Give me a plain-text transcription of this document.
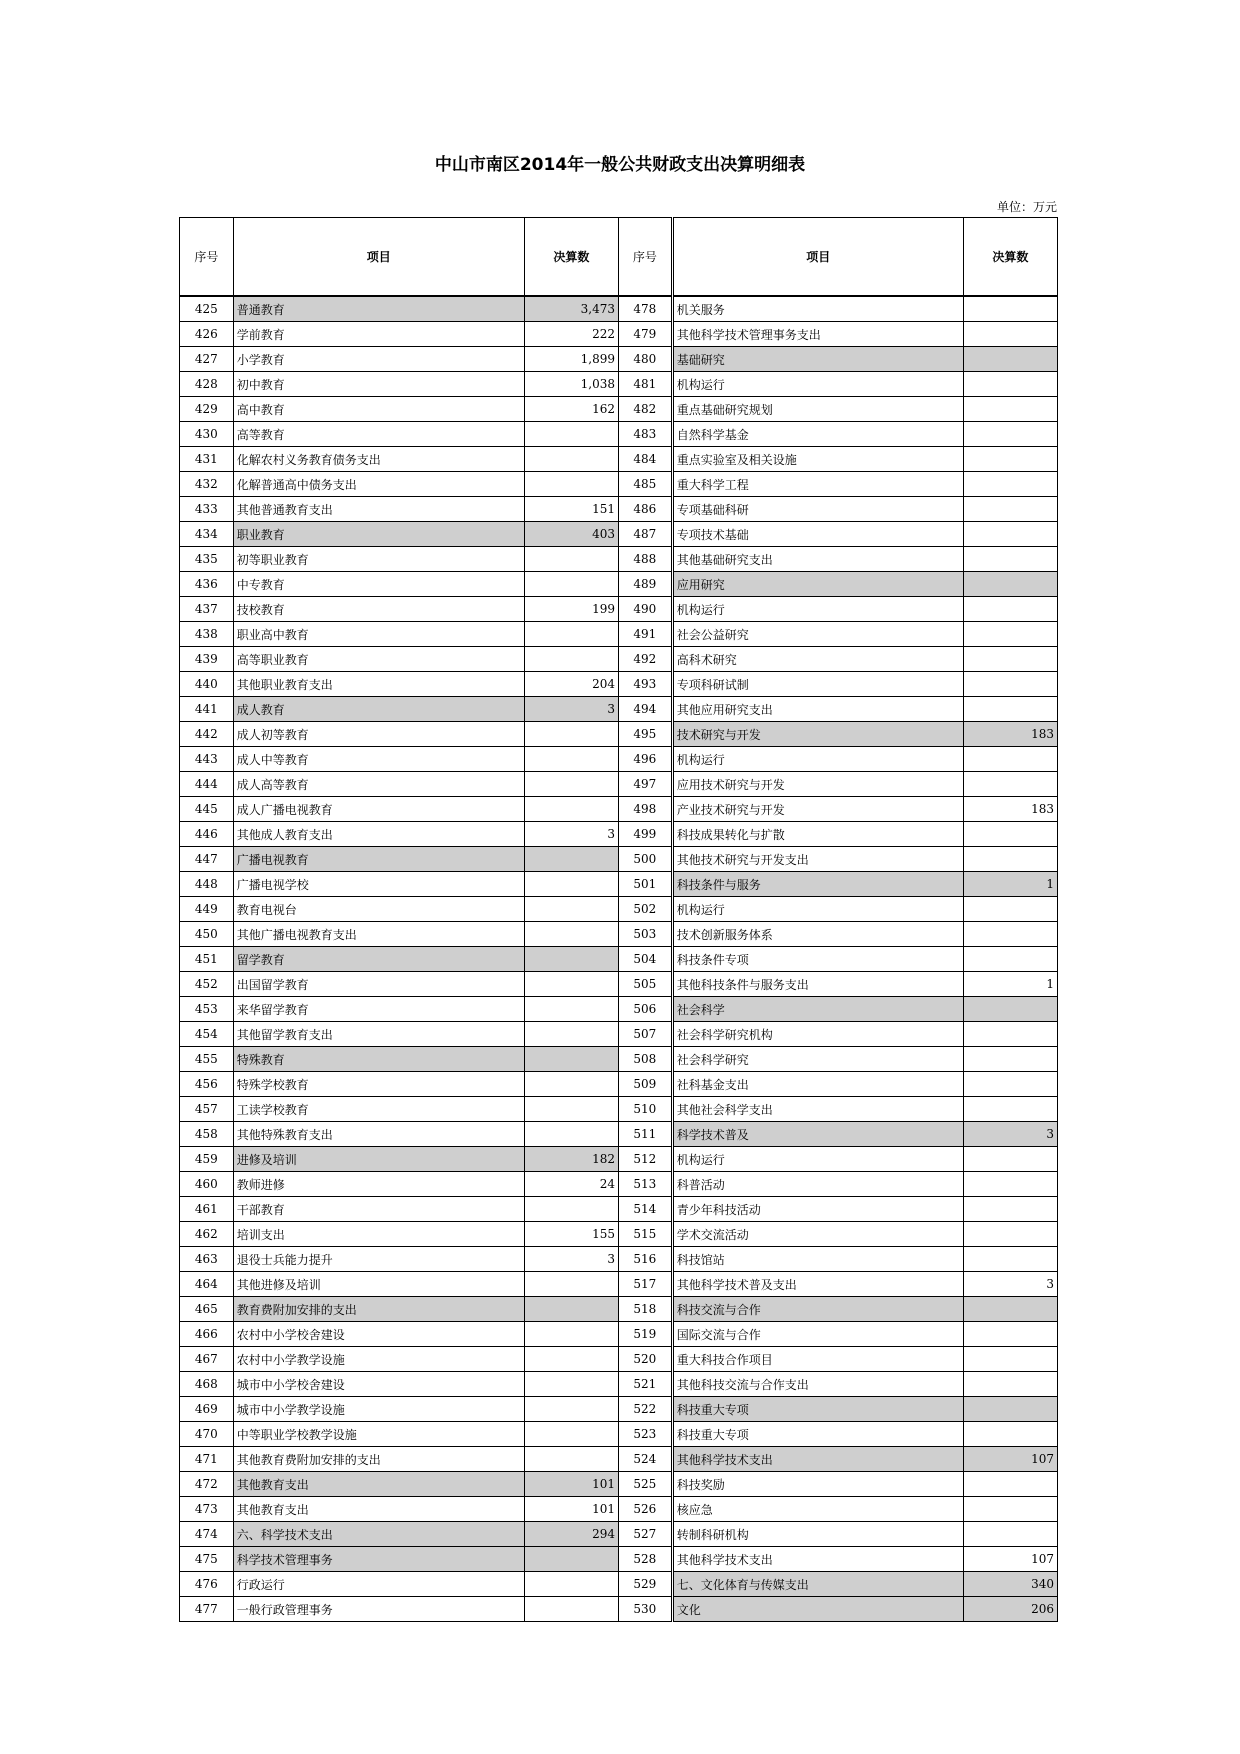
中山市南区2014年一般公共财政支出决算明细表
单位：万元
序号	项目	决算数	序号	项目	决算数
425	普通教育	3,473	478	机关服务	
426	学前教育	222	479	其他科学技术管理事务支出	
427	小学教育	1,899	480	基础研究	
428	初中教育	1,038	481	机构运行	
429	高中教育	162	482	重点基础研究规划	
430	高等教育		483	自然科学基金	
431	化解农村义务教育债务支出		484	重点实验室及相关设施	
432	化解普通高中债务支出		485	重大科学工程	
433	其他普通教育支出	151	486	专项基础科研	
434	职业教育	403	487	专项技术基础	
435	初等职业教育		488	其他基础研究支出	
436	中专教育		489	应用研究	
437	技校教育	199	490	机构运行	
438	职业高中教育		491	社会公益研究	
439	高等职业教育		492	高科术研究	
440	其他职业教育支出	204	493	专项科研试制	
441	成人教育	3	494	其他应用研究支出	
442	成人初等教育		495	技术研究与开发	183
443	成人中等教育		496	机构运行	
444	成人高等教育		497	应用技术研究与开发	
445	成人广播电视教育		498	产业技术研究与开发	183
446	其他成人教育支出	3	499	科技成果转化与扩散	
447	广播电视教育		500	其他技术研究与开发支出	
448	广播电视学校		501	科技条件与服务	1
449	教育电视台		502	机构运行	
450	其他广播电视教育支出		503	技术创新服务体系	
451	留学教育		504	科技条件专项	
452	出国留学教育		505	其他科技条件与服务支出	1
453	来华留学教育		506	社会科学	
454	其他留学教育支出		507	社会科学研究机构	
455	特殊教育		508	社会科学研究	
456	特殊学校教育		509	社科基金支出	
457	工读学校教育		510	其他社会科学支出	
458	其他特殊教育支出		511	科学技术普及	3
459	进修及培训	182	512	机构运行	
460	教师进修	24	513	科普活动	
461	干部教育		514	青少年科技活动	
462	培训支出	155	515	学术交流活动	
463	退役士兵能力提升	3	516	科技馆站	
464	其他进修及培训		517	其他科学技术普及支出	3
465	教育费附加安排的支出		518	科技交流与合作	
466	农村中小学校舍建设		519	国际交流与合作	
467	农村中小学教学设施		520	重大科技合作项目	
468	城市中小学校舍建设		521	其他科技交流与合作支出	
469	城市中小学教学设施		522	科技重大专项	
470	中等职业学校教学设施		523	科技重大专项	
471	其他教育费附加安排的支出		524	其他科学技术支出	107
472	其他教育支出	101	525	科技奖励	
473	其他教育支出	101	526	核应急	
474	六、科学技术支出	294	527	转制科研机构	
475	科学技术管理事务		528	其他科学技术支出	107
476	行政运行		529	七、文化体育与传媒支出	340
477	一般行政管理事务		530	文化	206
